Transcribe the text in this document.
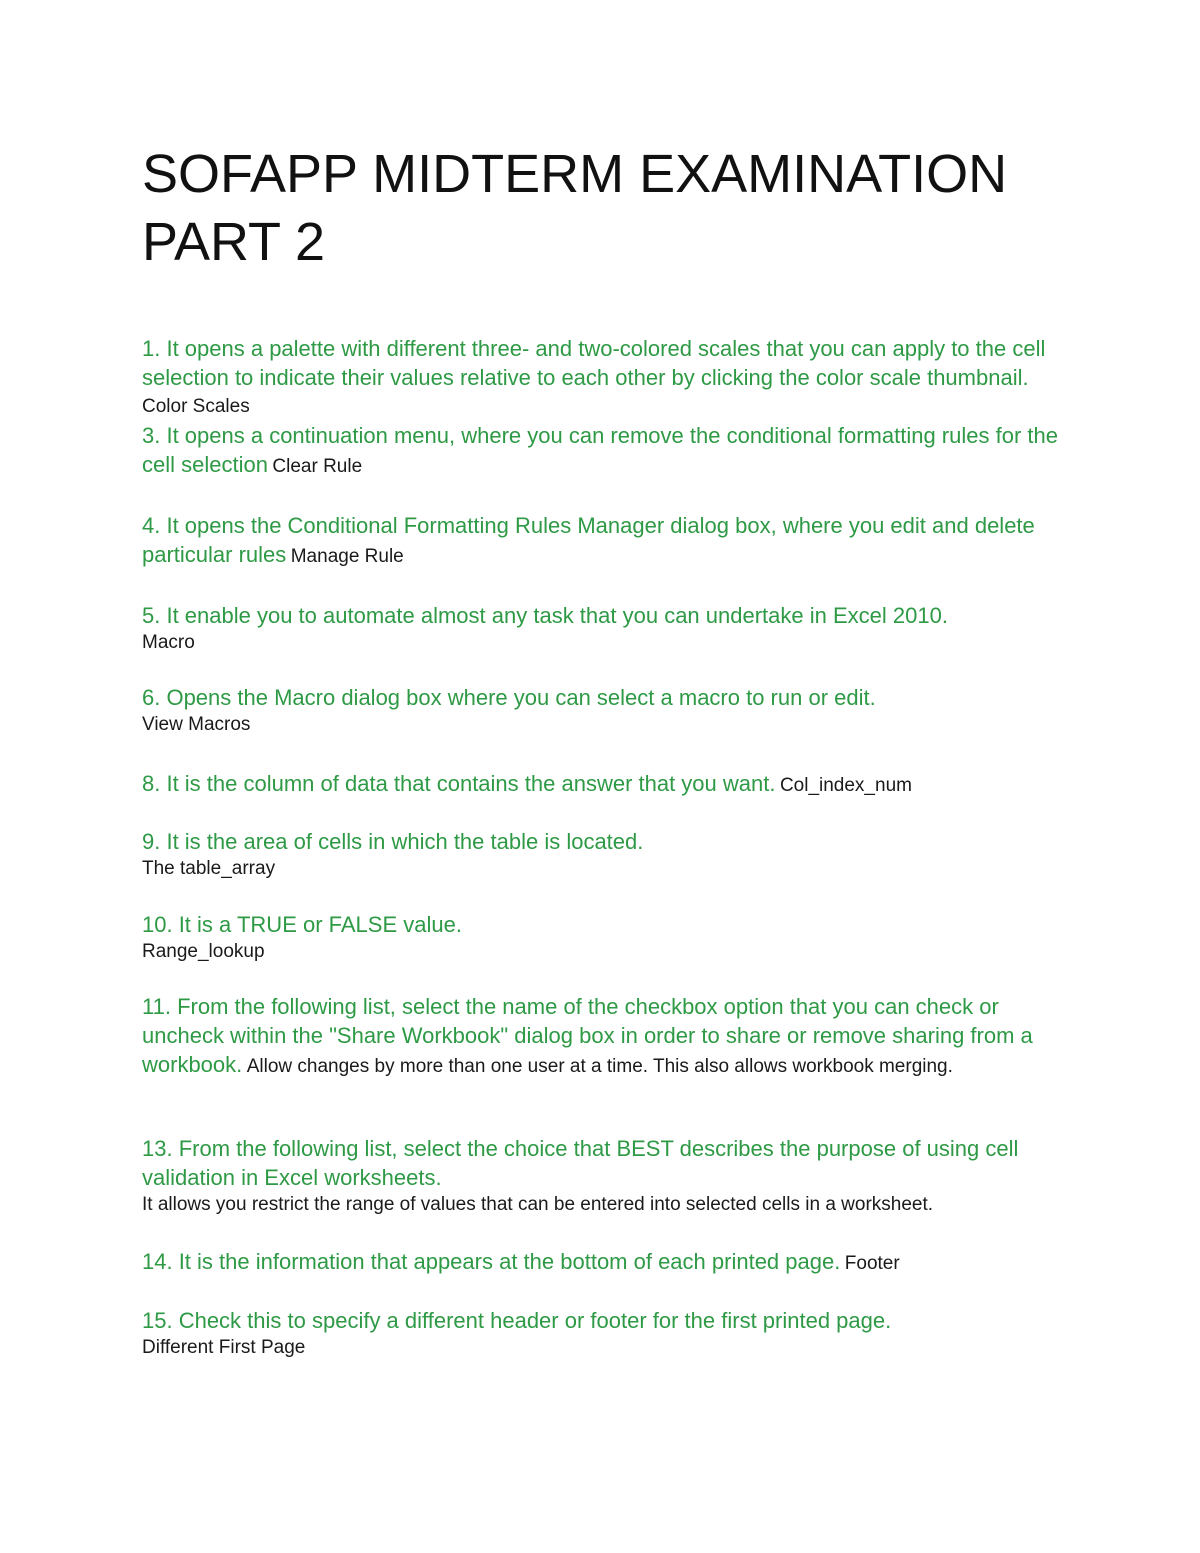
SOFAPP MIDTERM EXAMINATION PART 2

1. It opens a palette with different three- and two-colored scales that you can apply to the cell selection to indicate their values relative to each other by clicking the color scale thumbnail. Color Scales

3. It opens a continuation menu, where you can remove the conditional formatting rules for the cell selection Clear Rule

4. It opens the Conditional Formatting Rules Manager dialog box, where you edit and delete particular rules Manage Rule

5. It enable you to automate almost any task that you can undertake in Excel 2010.
Macro

6. Opens the Macro dialog box where you can select a macro to run or edit.
View Macros

8. It is the column of data that contains the answer that you want. Col_index_num

9. It is the area of cells in which the table is located.
The table_array

10. It is a TRUE or FALSE value.
Range_lookup

11. From the following list, select the name of the checkbox option that you can check or uncheck within the "Share Workbook" dialog box in order to share or remove sharing from a workbook. Allow changes by more than one user at a time. This also allows workbook merging.

13. From the following list, select the choice that BEST describes the purpose of using cell validation in Excel worksheets.
It allows you restrict the range of values that can be entered into selected cells in a worksheet.

14. It is the information that appears at the bottom of each printed page. Footer

15. Check this to specify a different header or footer for the first printed page.
Different First Page
